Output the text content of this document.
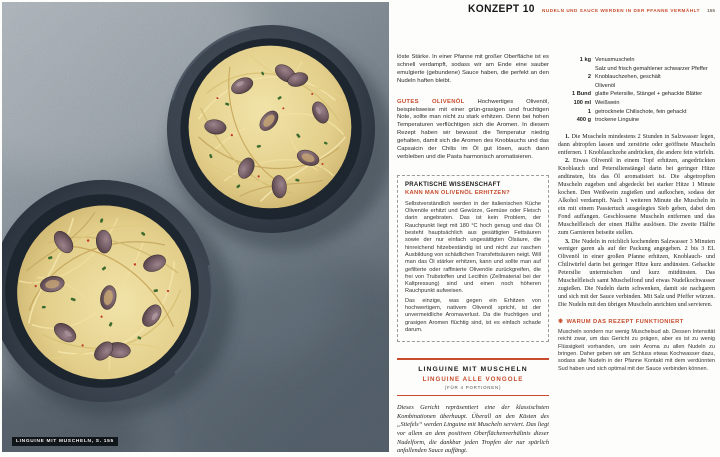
LINGUINE MIT MUSCHELN, S. 155
KONZEPT 10 NUDELN UND SAUCE WERDEN IN DER PFANNE VERMÄHLT 155

löste Stärke. In einer Pfanne mit großer Oberfläche ist es schnell verdampft, sodass wir am Ende eine sauber emulgierte (gebundene) Sauce haben, die perfekt an den Nudeln haften bleibt.

GUTES OLIVENÖL Hochwertiges Olivenöl, beispielsweise mit einer grün-grasigen und fruchtigen Note, sollte man nicht zu stark erhitzen. Denn bei hohen Temperaturen verflüchtigen sich die Aromen. In diesem Rezept haben wir bewusst die Temperatur niedrig gehalten, damit sich die Aromen des Knoblauchs und das Capsaicin der Chilis im Öl gut lösen, auch dann verbleiben und die Pasta harmonisch aromatisieren.

PRAKTISCHE WISSENSCHAFT

KANN MAN OLIVENÖL ERHITZEN?

Selbstverständlich werden in der italienischen Küche Olivenöle erhitzt und Gewürze, Gemüse oder Fleisch darin angebraten. Das ist kein Problem, der Rauchpunkt liegt mit 180 °C hoch genug und das Öl besteht hauptsächlich aus gesättigten Fettsäuren sowie der nur einfach ungesättigten Ölsäure, die hinreichend hitzebeständig ist und nicht zur raschen Ausbildung von schädlichen Transfettsäuren neigt. Will man das Öl stärker erhitzen, kann und sollte man auf gefilterte oder raffinierte Olivenöle zurückgreifen, die frei von Trubstoffen und Lecithin (Zellmaterial bei der Kaltpressung) sind und einen noch höheren Rauchpunkt aufweisen.

Das einzige, was gegen ein Erhitzen von hochwertigem, nativem Olivenöl spricht, ist der unvermeidliche Aromaverlust. Da die fruchtigen und grasigen Aromen flüchtig sind, ist es einfach schade darum.

LINGUINE MIT MUSCHELN

LINGUINE ALLE VONGOLE

(FÜR 4 PORTIONEN)

Dieses Gericht repräsentiert eine der klassischsten Kombinationen überhaupt. Überall an den Küsten des „Stiefels“ werden Linguine mit Muscheln serviert. Das liegt vor allem an dem positiven Oberflächenverhältnis dieser Nudelform, die dankbar jeden Tropfen der nur spärlich anfallenden Sauce auffängt.

1 kg Venusmuscheln
Salz und frisch gemahlener schwarzer Pfeffer
2 Knoblauchzehen, geschält
Olivenöl
1 Bund glatte Petersilie, Stängel + gehackte Blätter
100 ml Weißwein
1 getrocknete Chilischote, fein gehackt
400 g trockene Linguine

1. Die Muscheln mindestens 2 Stunden in Salzwasser legen, dann abtropfen lassen und zerstörte oder geöffnete Muscheln entfernen. 1 Knoblauchzehe andrücken, die andere fein würfeln.

2. Etwas Olivenöl in einem Topf erhitzen, angedrückten Knoblauch und Petersilienstängel darin bei geringer Hitze andünsten, bis das Öl aromatisiert ist. Die abgetropften Muscheln zugeben und abgedeckt bei starker Hitze 1 Minute kochen. Den Weißwein zugießen und aufkochen, sodass der Alkohol verdampft. Nach 1 weiteren Minute die Muscheln in ein mit einem Passiertuch ausgelegtes Sieb geben, dabei den Fond auffangen. Geschlossene Muscheln entfernen und das Muschelfleisch der einen Hälfte auslösen. Die zweite Hälfte zum Garnieren beiseite stellen.

3. Die Nudeln in reichlich kochendem Salzwasser 3 Minuten weniger garen als auf der Packung angegeben. 2 bis 3 EL Olivenöl in einer großen Pfanne erhitzen, Knoblauch- und Chiliwürfel darin bei geringer Hitze kurz andünsten. Gehackte Petersilie untermischen und kurz mitdünsten. Das Muschelfleisch samt Muschelfond und etwas Nudelkochwasser zugießen. Die Nudeln darin schwenken, damit sie nachgaren und sich mit der Sauce verbinden. Mit Salz und Pfeffer würzen. Die Nudeln mit den übrigen Muscheln anrichten und servieren.

❋ WARUM DAS REZEPT FUNKTIONIERT

Muscheln sondern nur wenig Muschelsud ab. Dessen Intensität reicht zwar, um das Gericht zu prägen, aber es ist zu wenig Flüssigkeit vorhanden, um sein Aroma zu allen Nudeln zu bringen. Daher geben wir am Schluss etwas Kochwasser dazu, sodass alle Nudeln in der Pfanne Kontakt mit dem verdünnten Sud haben und sich optimal mit der Sauce verbinden können.
